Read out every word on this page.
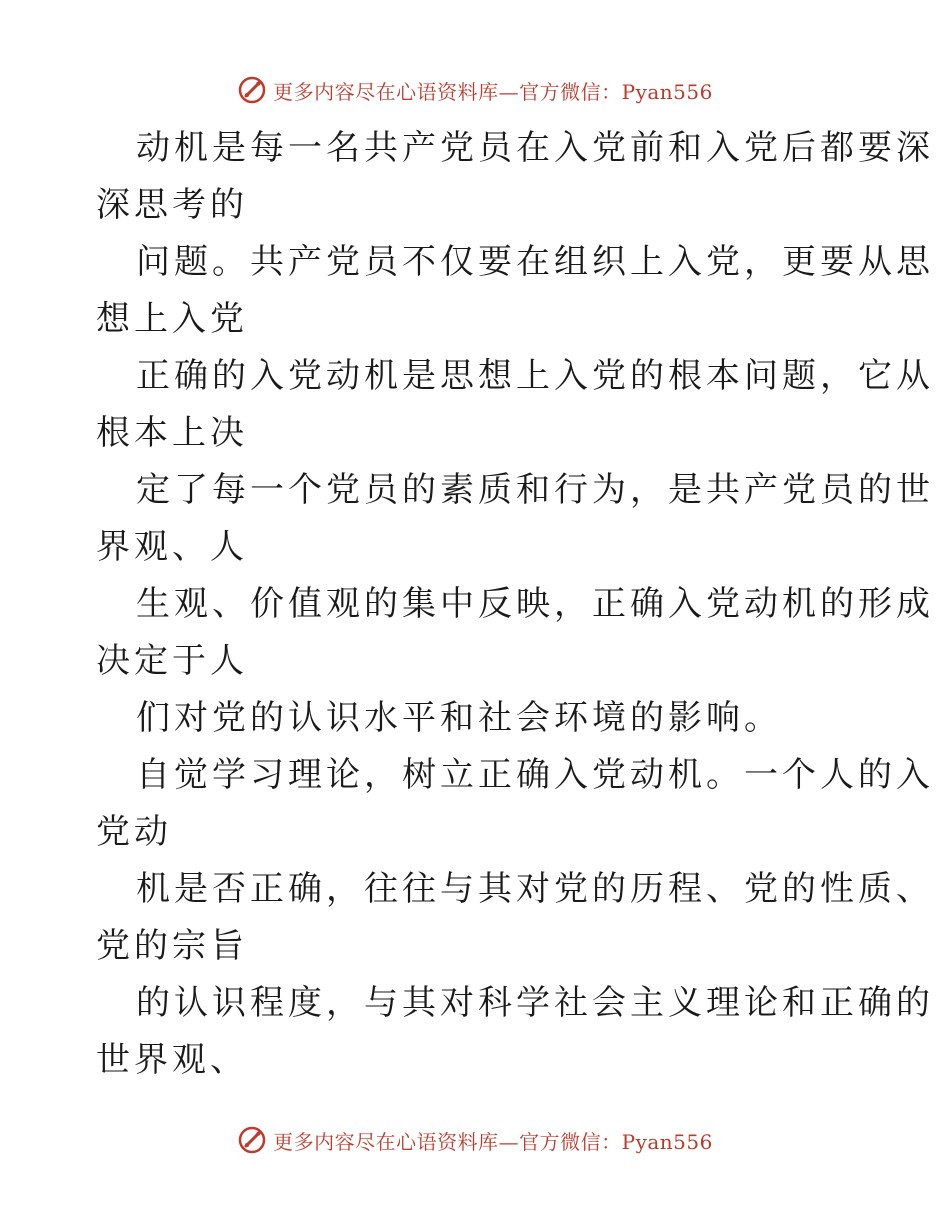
更多内容尽在心语资料库—官方微信：Pyan556
动机是每一名共产党员在入党前和入党后都要深
深思考的
问题。共产党员不仅要在组织上入党，更要从思
想上入党
正确的入党动机是思想上入党的根本问题，它从
根本上决
定了每一个党员的素质和行为，是共产党员的世
界观、人
生观、价值观的集中反映，正确入党动机的形成
决定于人
们对党的认识水平和社会环境的影响。
自觉学习理论，树立正确入党动机。一个人的入
党动
机是否正确，往往与其对党的历程、党的性质、
党的宗旨
的认识程度，与其对科学社会主义理论和正确的
世界观、
更多内容尽在心语资料库—官方微信：Pyan556
